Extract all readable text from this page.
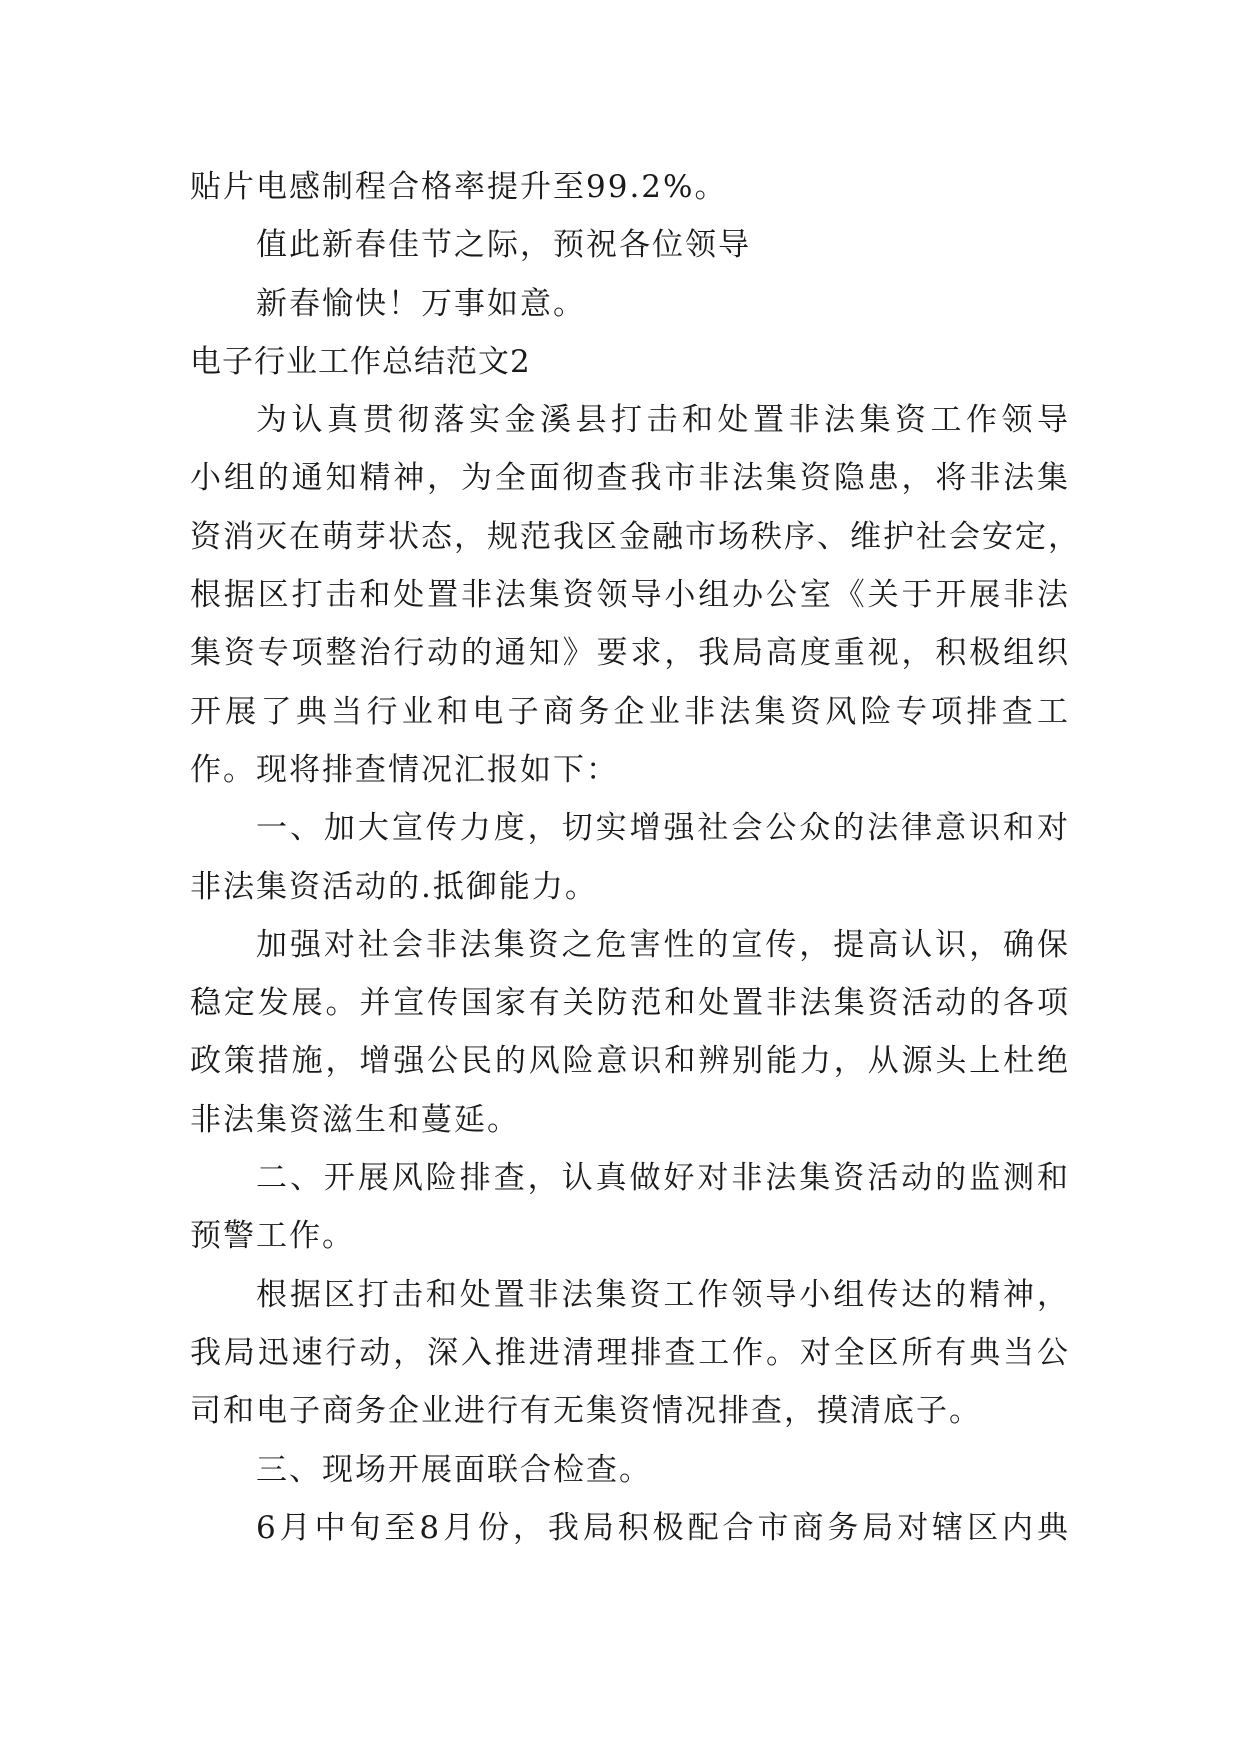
贴片电感制程合格率提升至99.2%。
值此新春佳节之际，预祝各位领导
新春愉快！万事如意。
电子行业工作总结范文2
为认真贯彻落实金溪县打击和处置非法集资工作领导
小组的通知精神，为全面彻查我市非法集资隐患，将非法集
资消灭在萌芽状态，规范我区金融市场秩序、维护社会安定，
根据区打击和处置非法集资领导小组办公室《关于开展非法
集资专项整治行动的通知》要求，我局高度重视，积极组织
开展了典当行业和电子商务企业非法集资风险专项排查工
作。现将排查情况汇报如下：
一、加大宣传力度，切实增强社会公众的法律意识和对
非法集资活动的.抵御能力。
加强对社会非法集资之危害性的宣传，提高认识，确保
稳定发展。并宣传国家有关防范和处置非法集资活动的各项
政策措施，增强公民的风险意识和辨别能力，从源头上杜绝
非法集资滋生和蔓延。
二、开展风险排查，认真做好对非法集资活动的监测和
预警工作。
根据区打击和处置非法集资工作领导小组传达的精神，
我局迅速行动，深入推进清理排查工作。对全区所有典当公
司和电子商务企业进行有无集资情况排查，摸清底子。
三、现场开展面联合检查。
6月中旬至8月份，我局积极配合市商务局对辖区内典
